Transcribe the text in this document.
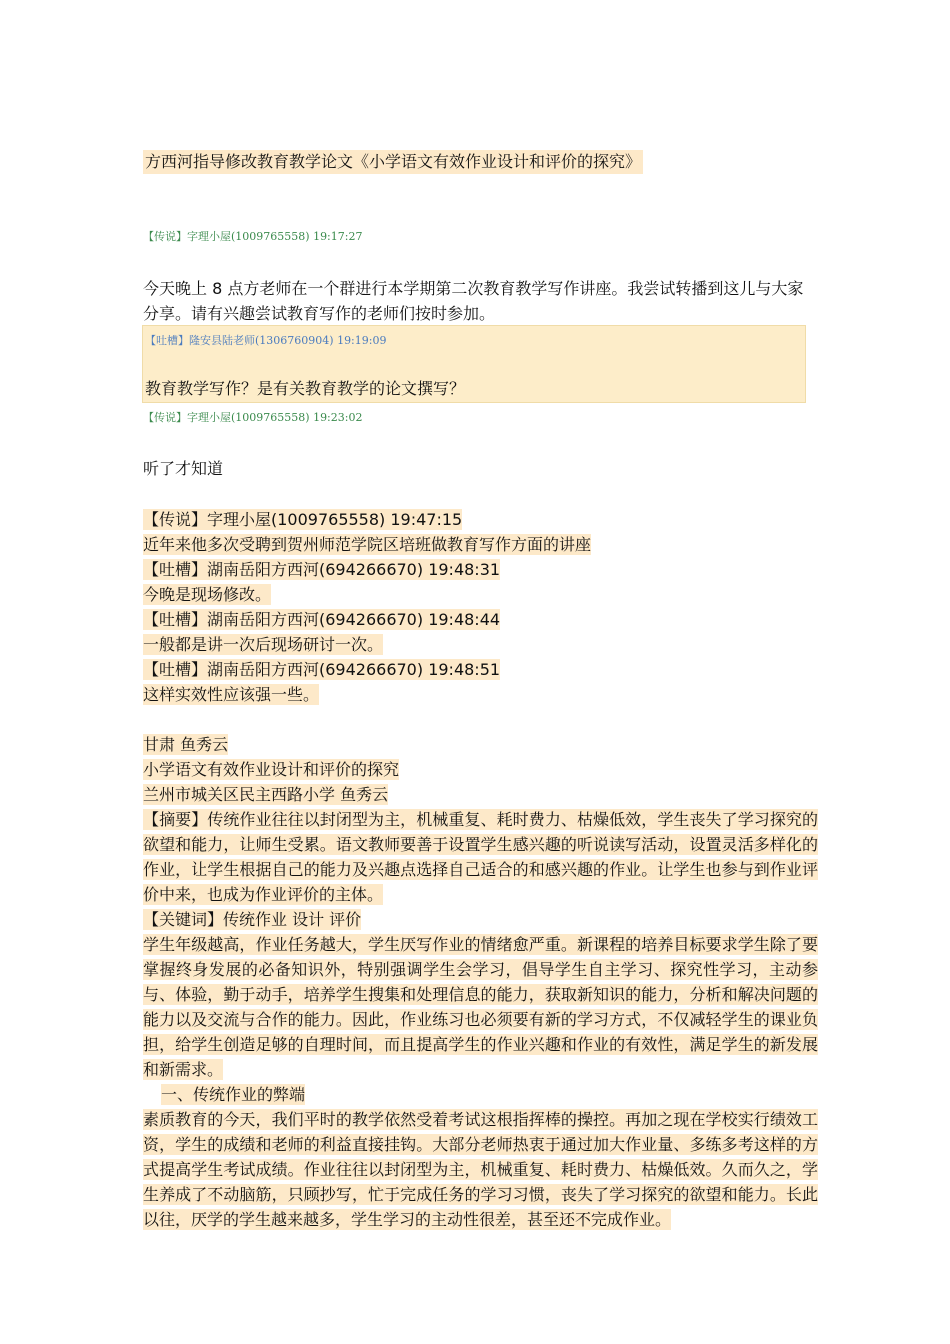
方西河指导修改教育教学论文《小学语文有效作业设计和评价的探究》
【传说】字理小屋(1009765558) 19:17:27
今天晚上 8 点方老师在一个群进行本学期第二次教育教学写作讲座。我尝试转播到这儿与大家分享。请有兴趣尝试教育写作的老师们按时参加。
【吐槽】隆安县陆老师(1306760904) 19:19:09
教育教学写作？是有关教育教学的论文撰写？
【传说】字理小屋(1009765558) 19:23:02
听了才知道
【传说】字理小屋(1009765558) 19:47:15
近年来他多次受聘到贺州师范学院区培班做教育写作方面的讲座
【吐槽】湖南岳阳方西河(694266670) 19:48:31
今晚是现场修改。
【吐槽】湖南岳阳方西河(694266670) 19:48:44
一般都是讲一次后现场研讨一次。
【吐槽】湖南岳阳方西河(694266670) 19:48:51
这样实效性应该强一些。
甘肃 鱼秀云
小学语文有效作业设计和评价的探究
兰州市城关区民主西路小学 鱼秀云
【摘要】传统作业往往以封闭型为主，机械重复、耗时费力、枯燥低效，学生丧失了学习探究的欲望和能力，让师生受累。语文教师要善于设置学生感兴趣的听说读写活动，设置灵活多样化的作业，让学生根据自己的能力及兴趣点选择自己适合的和感兴趣的作业。让学生也参与到作业评价中来，也成为作业评价的主体。
【关键词】传统作业 设计 评价
学生年级越高，作业任务越大，学生厌写作业的情绪愈严重。新课程的培养目标要求学生除了要掌握终身发展的必备知识外，特别强调学生会学习，倡导学生自主学习、探究性学习，主动参与、体验，勤于动手，培养学生搜集和处理信息的能力，获取新知识的能力，分析和解决问题的能力以及交流与合作的能力。因此，作业练习也必须要有新的学习方式，不仅减轻学生的课业负担，给学生创造足够的自理时间，而且提高学生的作业兴趣和作业的有效性，满足学生的新发展和新需求。
一、传统作业的弊端
素质教育的今天，我们平时的教学依然受着考试这根指挥棒的操控。再加之现在学校实行绩效工资，学生的成绩和老师的利益直接挂钩。大部分老师热衷于通过加大作业量、多练多考这样的方式提高学生考试成绩。作业往往以封闭型为主，机械重复、耗时费力、枯燥低效。久而久之，学生养成了不动脑筋，只顾抄写，忙于完成任务的学习习惯，丧失了学习探究的欲望和能力。长此以往，厌学的学生越来越多，学生学习的主动性很差，甚至还不完成作业。
